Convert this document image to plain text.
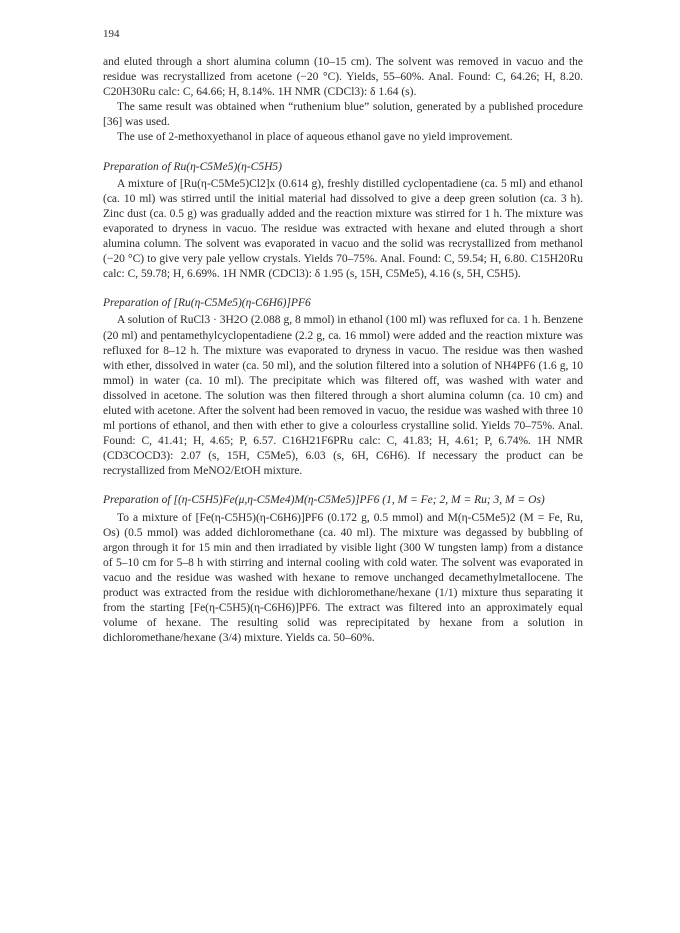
194

and eluted through a short alumina column (10–15 cm). The solvent was removed in vacuo and the residue was recrystallized from acetone (−20 °C). Yields, 55–60%. Anal. Found: C, 64.26; H, 8.20. C20H30Ru calc: C, 64.66; H, 8.14%. 1H NMR (CDCl3): δ 1.64 (s).

The same result was obtained when “ruthenium blue” solution, generated by a published procedure [36] was used.

The use of 2-methoxyethanol in place of aqueous ethanol gave no yield improvement.

Preparation of Ru(η-C5Me5)(η-C5H5)

A mixture of [Ru(η-C5Me5)Cl2]x (0.614 g), freshly distilled cyclopentadiene (ca. 5 ml) and ethanol (ca. 10 ml) was stirred until the initial material had dissolved to give a deep green solution (ca. 3 h). Zinc dust (ca. 0.5 g) was gradually added and the reaction mixture was stirred for 1 h. The mixture was evaporated to dryness in vacuo. The residue was extracted with hexane and eluted through a short alumina column. The solvent was evaporated in vacuo and the solid was recrystallized from methanol (−20 °C) to give very pale yellow crystals. Yields 70–75%. Anal. Found: C, 59.54; H, 6.80. C15H20Ru calc: C, 59.78; H, 6.69%. 1H NMR (CDCl3): δ 1.95 (s, 15H, C5Me5), 4.16 (s, 5H, C5H5).

Preparation of [Ru(η-C5Me5)(η-C6H6)]PF6

A solution of RuCl3 · 3H2O (2.088 g, 8 mmol) in ethanol (100 ml) was refluxed for ca. 1 h. Benzene (20 ml) and pentamethylcyclopentadiene (2.2 g, ca. 16 mmol) were added and the reaction mixture was refluxed for 8–12 h. The mixture was evaporated to dryness in vacuo. The residue was then washed with ether, dissolved in water (ca. 50 ml), and the solution filtered into a solution of NH4PF6 (1.6 g, 10 mmol) in water (ca. 10 ml). The precipitate which was filtered off, was washed with water and dissolved in acetone. The solution was then filtered through a short alumina column (ca. 10 cm) and eluted with acetone. After the solvent had been removed in vacuo, the residue was washed with three 10 ml portions of ethanol, and then with ether to give a colourless crystalline solid. Yields 70–75%. Anal. Found: C, 41.41; H, 4.65; P, 6.57. C16H21F6PRu calc: C, 41.83; H, 4.61; P, 6.74%. 1H NMR (CD3COCD3): 2.07 (s, 15H, C5Me5), 6.03 (s, 6H, C6H6). If necessary the product can be recrystallized from MeNO2/EtOH mixture.

Preparation of [(η-C5H5)Fe(μ,η-C5Me4)M(η-C5Me5)]PF6 (1, M = Fe; 2, M = Ru; 3, M = Os)

To a mixture of [Fe(η-C5H5)(η-C6H6)]PF6 (0.172 g, 0.5 mmol) and M(η-C5Me5)2 (M = Fe, Ru, Os) (0.5 mmol) was added dichloromethane (ca. 40 ml). The mixture was degassed by bubbling of argon through it for 15 min and then irradiated by visible light (300 W tungsten lamp) from a distance of 5–10 cm for 5–8 h with stirring and internal cooling with cold water. The solvent was evaporated in vacuo and the residue was washed with hexane to remove unchanged decamethylmetallocene. The product was extracted from the residue with dichloromethane/hexane (1/1) mixture thus separating it from the starting [Fe(η-C5H5)(η-C6H6)]PF6. The extract was filtered into an approximately equal volume of hexane. The resulting solid was reprecipitated by hexane from a solution in dichloromethane/hexane (3/4) mixture. Yields ca. 50–60%.
